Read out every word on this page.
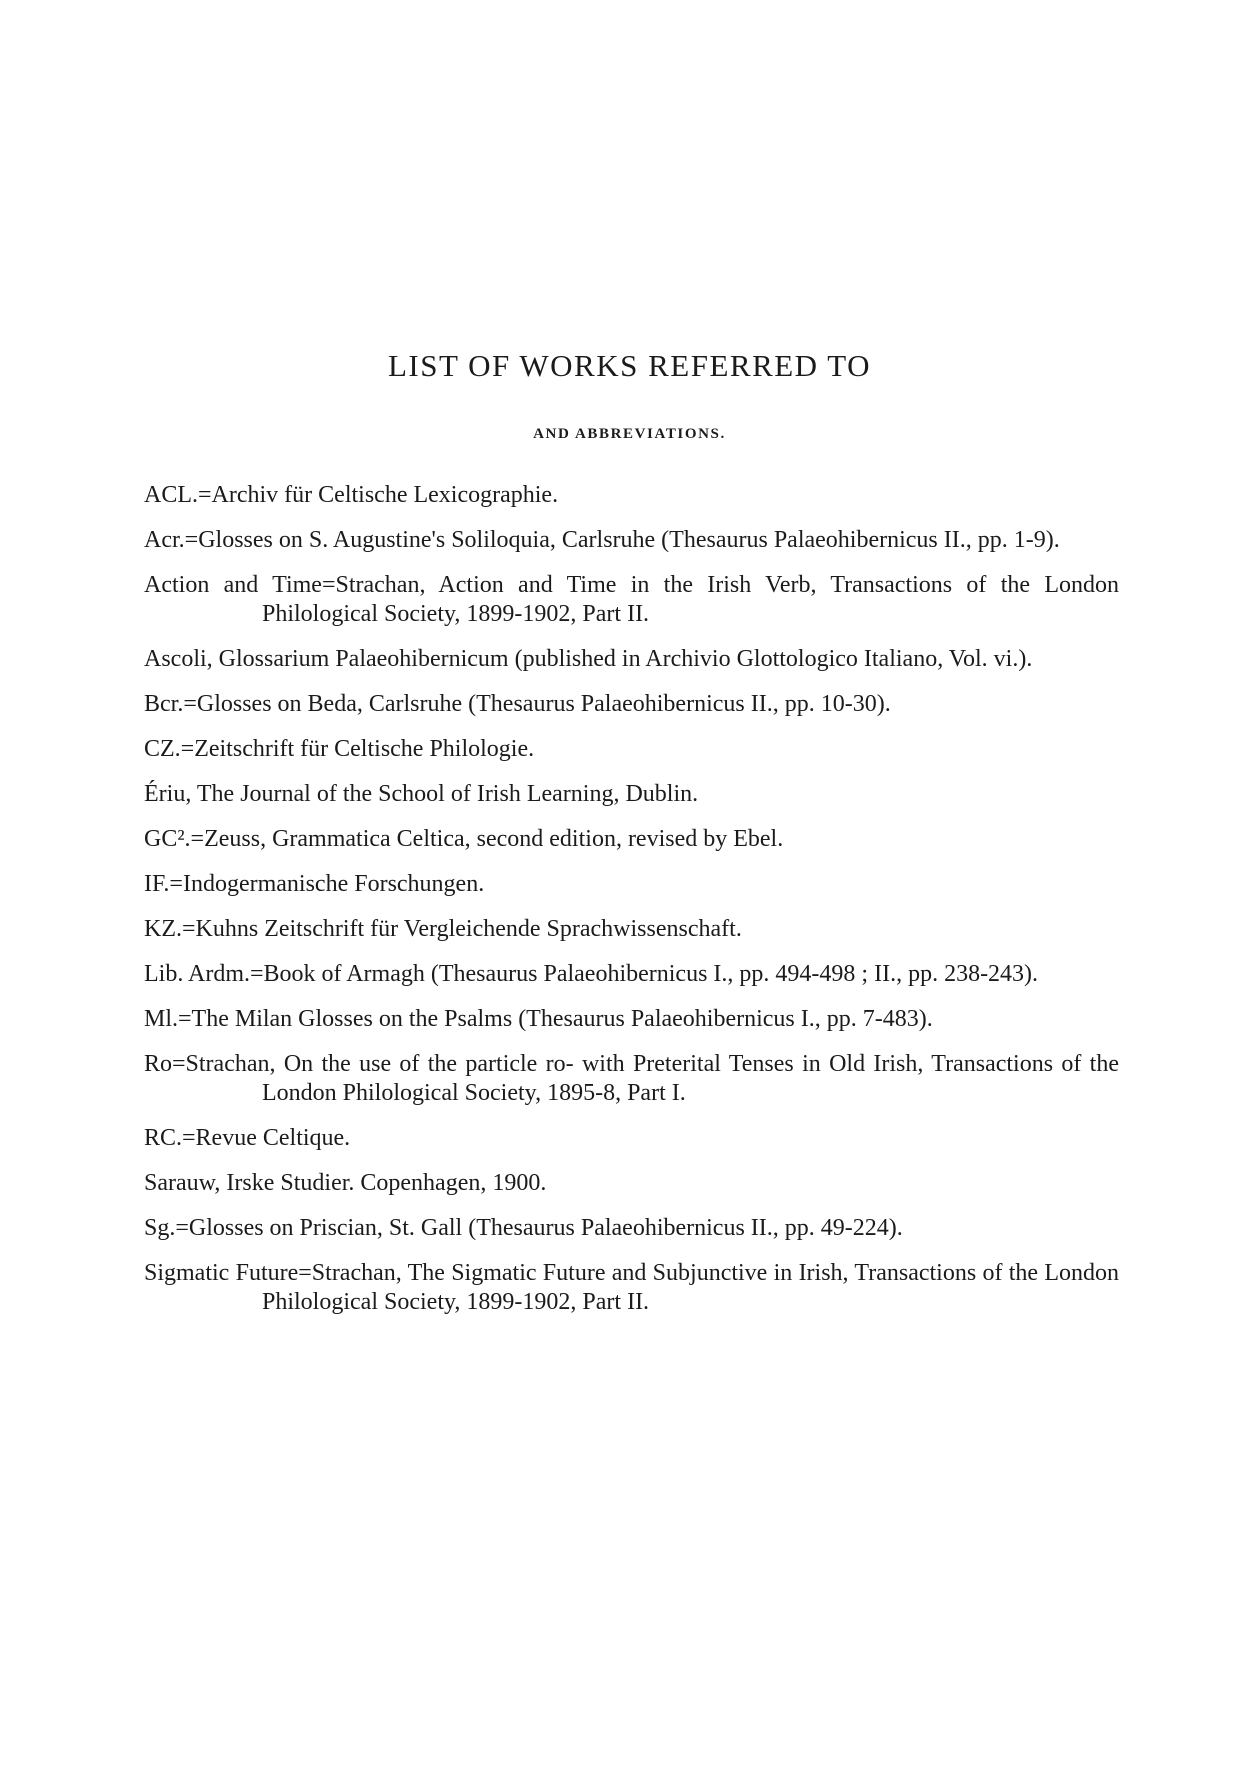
LIST OF WORKS REFERRED TO
AND ABBREVIATIONS.
ACL.=Archiv für Celtische Lexicographie.
Acr.=Glosses on S. Augustine's Soliloquia, Carlsruhe (Thesaurus Palaeohibernicus II., pp. 1-9).
Action and Time=Strachan, Action and Time in the Irish Verb, Transactions of the London Philological Society, 1899-1902, Part II.
Ascoli, Glossarium Palaeohibernicum (published in Archivio Glottologico Italiano, Vol. vi.).
Bcr.=Glosses on Beda, Carlsruhe (Thesaurus Palaeohibernicus II., pp. 10-30).
CZ.=Zeitschrift für Celtische Philologie.
Ériu, The Journal of the School of Irish Learning, Dublin.
GC².=Zeuss, Grammatica Celtica, second edition, revised by Ebel.
IF.=Indogermanische Forschungen.
KZ.=Kuhns Zeitschrift für Vergleichende Sprachwissenschaft.
Lib. Ardm.=Book of Armagh (Thesaurus Palaeohibernicus I., pp. 494-498 ; II., pp. 238-243).
Ml.=The Milan Glosses on the Psalms (Thesaurus Palaeohibernicus I., pp. 7-483).
Ro=Strachan, On the use of the particle ro- with Preterital Tenses in Old Irish, Transactions of the London Philological Society, 1895-8, Part I.
RC.=Revue Celtique.
Sarauw, Irske Studier. Copenhagen, 1900.
Sg.=Glosses on Priscian, St. Gall (Thesaurus Palaeohibernicus II., pp. 49-224).
Sigmatic Future=Strachan, The Sigmatic Future and Subjunctive in Irish, Transactions of the London Philological Society, 1899-1902, Part II.
